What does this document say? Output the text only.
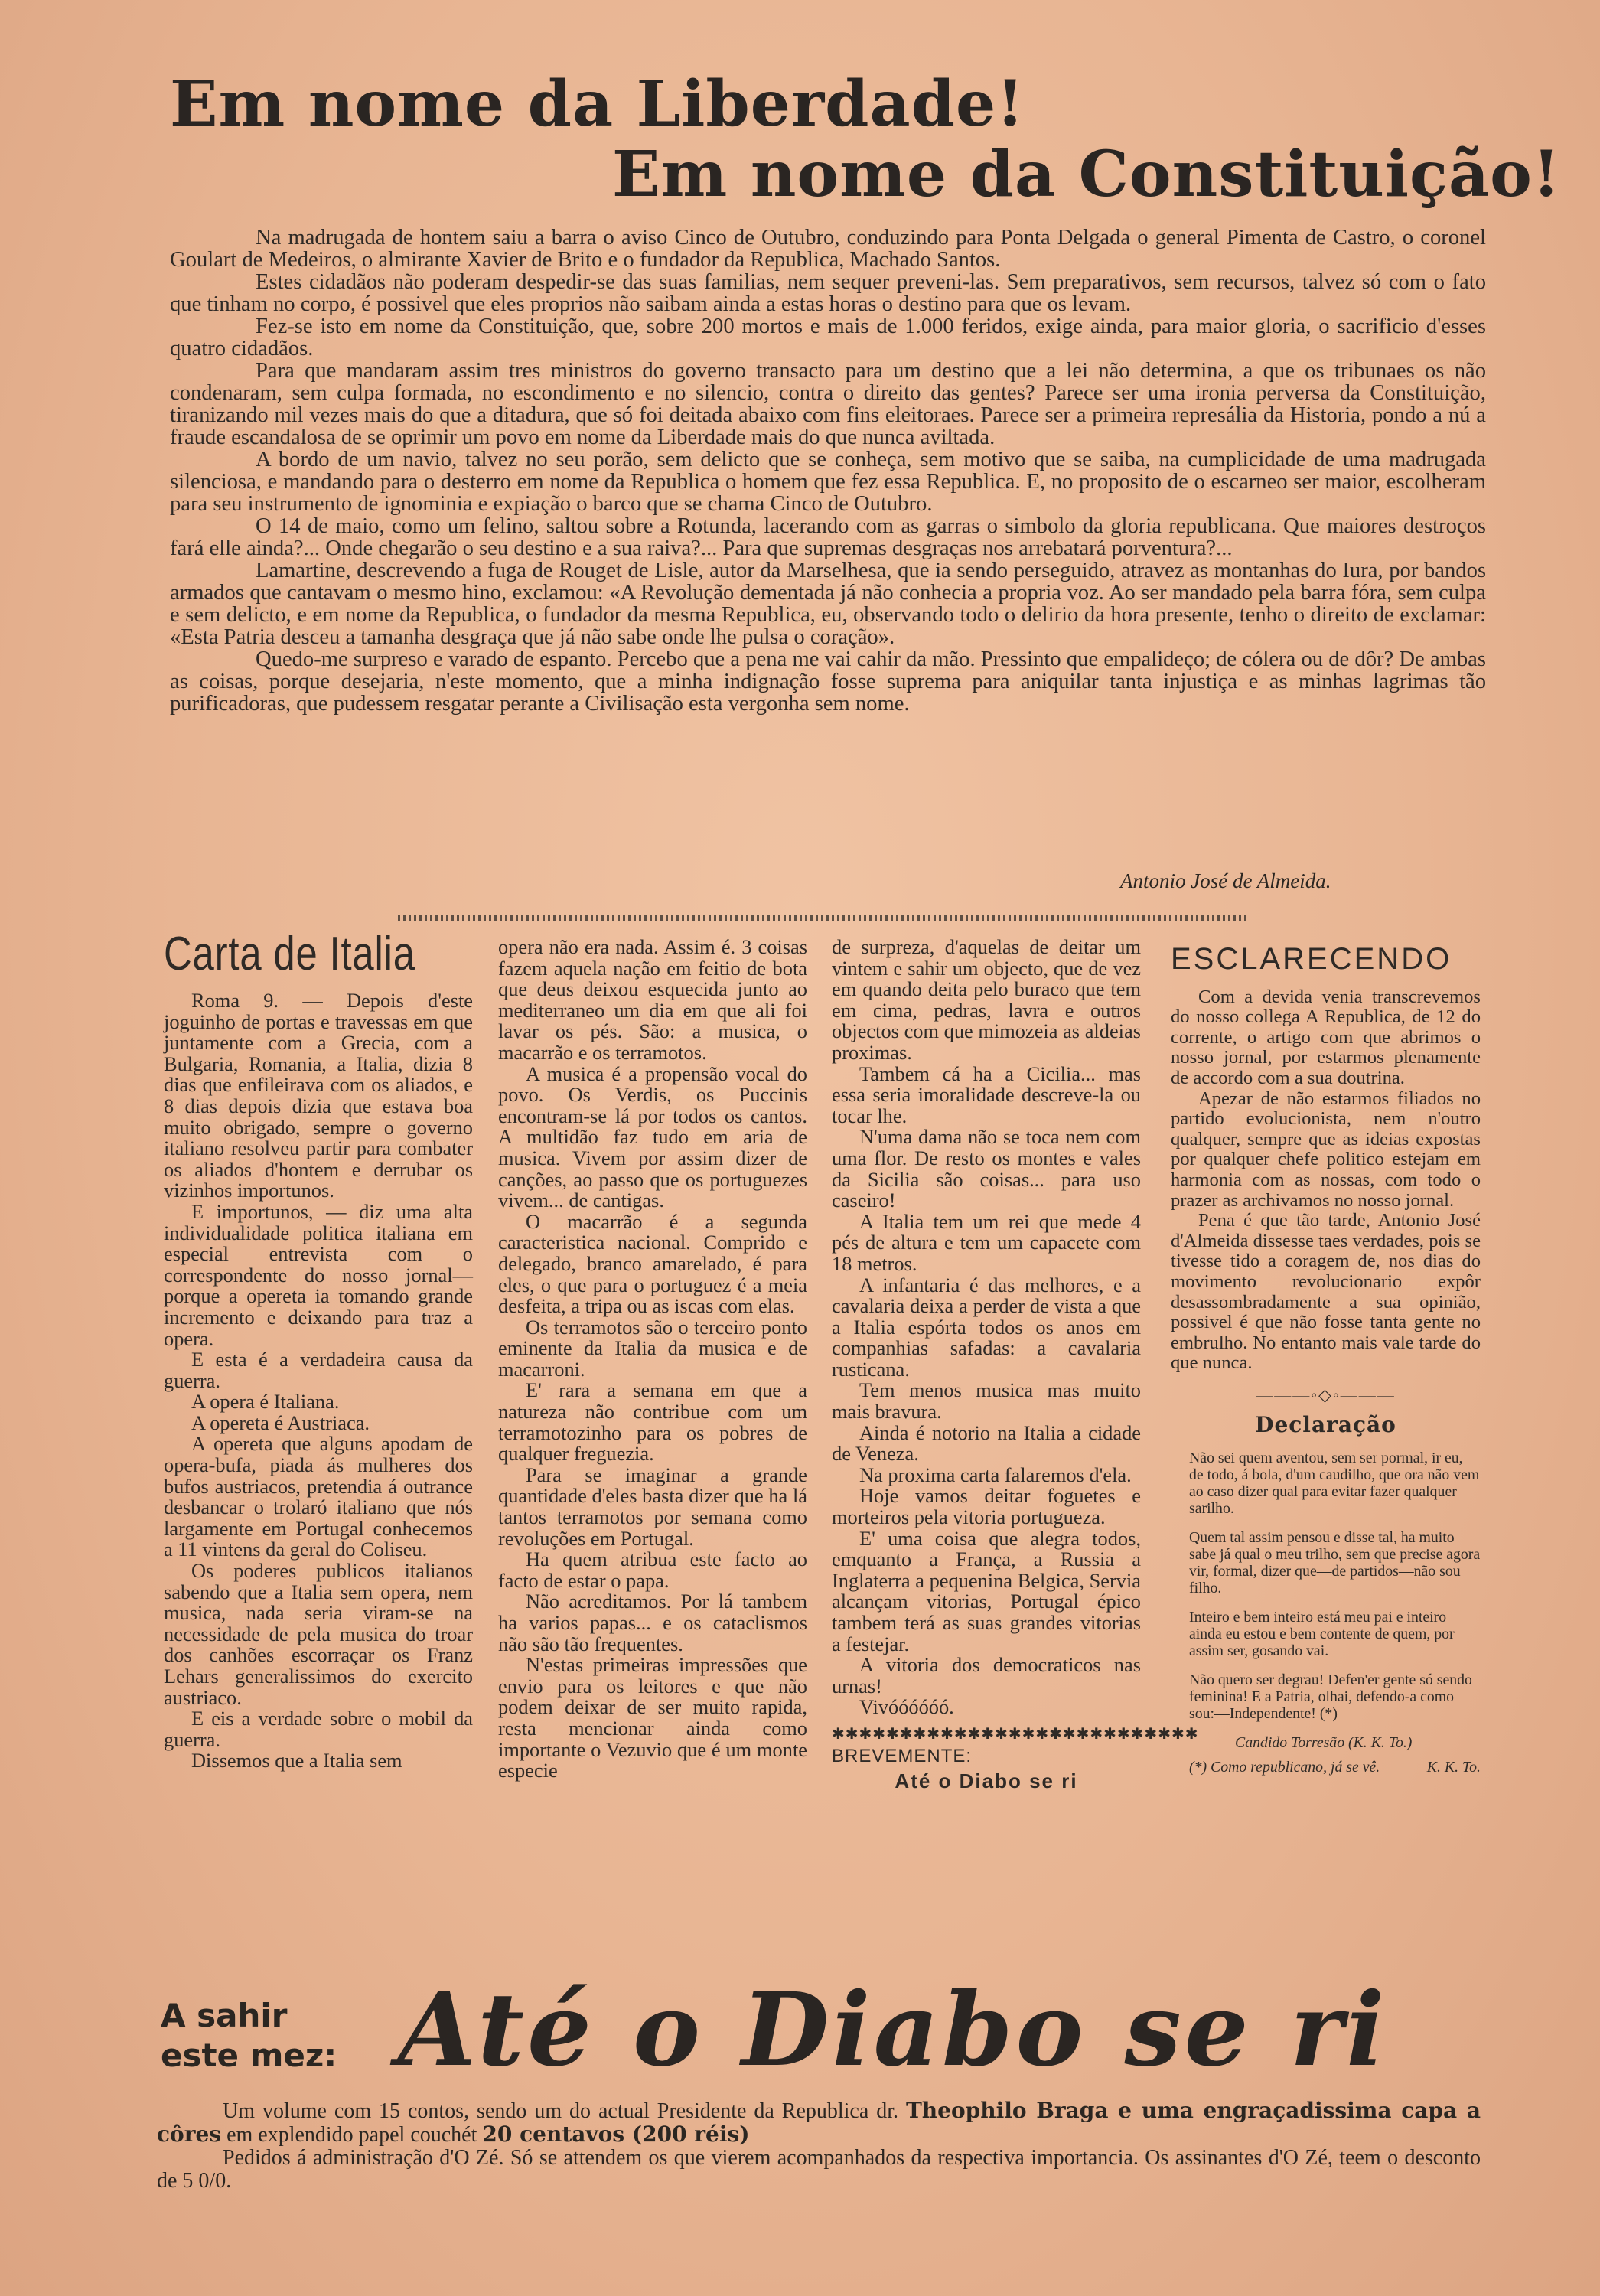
Em nome da Liberdade!
Em nome da Constituição!

Na madrugada de hontem saiu a barra o aviso Cinco de Outubro, conduzindo para Ponta Delgada o general Pimenta de Castro, o coronel Goulart de Medeiros, o almirante Xavier de Brito e o fundador da Republica, Machado Santos.

Estes cidadãos não poderam despedir-se das suas familias, nem sequer preveni-las. Sem preparativos, sem recursos, talvez só com o fato que tinham no corpo, é possivel que eles proprios não saibam ainda a estas horas o destino para que os levam.

Fez-se isto em nome da Constituição, que, sobre 200 mortos e mais de 1.000 feridos, exige ainda, para maior gloria, o sacrificio d'esses quatro cidadãos.

Para que mandaram assim tres ministros do governo transacto para um destino que a lei não determina, a que os tribunaes os não condenaram, sem culpa formada, no escondimento e no silencio, contra o direito das gentes? Parece ser uma ironia perversa da Constituição, tiranizando mil vezes mais do que a ditadura, que só foi deitada abaixo com fins eleitoraes. Parece ser a primeira represália da Historia, pondo a nú a fraude escandalosa de se oprimir um povo em nome da Liberdade mais do que nunca aviltada.

A bordo de um navio, talvez no seu porão, sem delicto que se conheça, sem motivo que se saiba, na cumplicidade de uma madrugada silenciosa, e mandando para o desterro em nome da Republica o homem que fez essa Republica. E, no proposito de o escarneo ser maior, escolheram para seu instrumento de ignominia e expiação o barco que se chama Cinco de Outubro.

O 14 de maio, como um felino, saltou sobre a Rotunda, lacerando com as garras o simbolo da gloria republicana. Que maiores destroços fará elle ainda?... Onde chegarão o seu destino e a sua raiva?... Para que supremas desgraças nos arrebatará porventura?...

Lamartine, descrevendo a fuga de Rouget de Lisle, autor da Marselhesa, que ia sendo perseguido, atravez as montanhas do Iura, por bandos armados que cantavam o mesmo hino, exclamou: «A Revolução dementada já não conhecia a propria voz. Ao ser mandado pela barra fóra, sem culpa e sem delicto, e em nome da Republica, o fundador da mesma Republica, eu, observando todo o delirio da hora presente, tenho o direito de exclamar: «Esta Patria desceu a tamanha desgraça que já não sabe onde lhe pulsa o coração».

Quedo-me surpreso e varado de espanto. Percebo que a pena me vai cahir da mão. Pressinto que empalideço; de cólera ou de dôr? De ambas as coisas, porque desejaria, n'este momento, que a minha indignação fosse suprema para aniquilar tanta injustiça e as minhas lagrimas tão purificadoras, que pudessem resgatar perante a Civilisação esta vergonha sem nome.

Antonio José de Almeida.
Carta de Italia

Roma 9. — Depois d'este joguinho de portas e travessas em que juntamente com a Grecia, com a Bulgaria, Romania, a Italia, dizia 8 dias que enfileirava com os aliados, e 8 dias depois dizia que estava boa muito obrigado, sempre o governo italiano resolveu partir para combater os aliados d'hontem e derrubar os vizinhos importunos.

E importunos, — diz uma alta individualidade politica italiana em especial entrevista com o correspondente do nosso jornal—porque a opereta ia tomando grande incremento e deixando para traz a opera.

E esta é a verdadeira causa da guerra.

A opera é Italiana.

A opereta é Austriaca.

A opereta que alguns apodam de opera-bufa, piada ás mulheres dos bufos austriacos, pretendia á outrance desbancar o trolaró italiano que nós largamente em Portugal conhecemos a 11 vintens da geral do Coliseu.

Os poderes publicos italianos sabendo que a Italia sem opera, nem musica, nada seria viram-se na necessidade de pela musica do troar dos canhões escorraçar os Franz Lehars generalissimos do exercito austriaco.

E eis a verdade sobre o mobil da guerra.

Dissemos que a Italia sem

opera não era nada. Assim é. 3 coisas fazem aquela nação em feitio de bota que deus deixou esquecida junto ao mediterraneo um dia em que ali foi lavar os pés. São: a musica, o macarrão e os terramotos.

A musica é a propensão vocal do povo. Os Verdis, os Puccinis encontram-se lá por todos os cantos. A multidão faz tudo em aria de musica. Vivem por assim dizer de canções, ao passo que os portuguezes vivem... de cantigas.

O macarrão é a segunda caracteristica nacional. Comprido e delegado, branco amarelado, é para eles, o que para o portuguez é a meia desfeita, a tripa ou as iscas com elas.

Os terramotos são o terceiro ponto eminente da Italia da musica e de macarroni.

E' rara a semana em que a natureza não contribue com um terramotozinho para os pobres de qualquer freguezia.

Para se imaginar a grande quantidade d'eles basta dizer que ha lá tantos terramotos por semana como revoluções em Portugal.

Ha quem atribua este facto ao facto de estar o papa.

Não acreditamos. Por lá tambem ha varios papas... e os cataclismos não são tão frequentes.

N'estas primeiras impressões que envio para os leitores e que não podem deixar de ser muito rapida, resta mencionar ainda como importante o Vezuvio que é um monte especie

de surpreza, d'aquelas de deitar um vintem e sahir um objecto, que de vez em quando deita pelo buraco que tem em cima, pedras, lavra e outros objectos com que mimozeia as aldeias proximas.

Tambem cá ha a Cicilia... mas essa seria imoralidade descreve-la ou tocar lhe.

N'uma dama não se toca nem com uma flor. De resto os montes e vales da Sicilia são coisas... para uso caseiro!

A Italia tem um rei que mede 4 pés de altura e tem um capacete com 18 metros.

A infantaria é das melhores, e a cavalaria deixa a perder de vista a que a Italia espórta todos os anos em companhias safadas: a cavalaria rusticana.

Tem menos musica mas muito mais bravura.

Ainda é notorio na Italia a cidade de Veneza.

Na proxima carta falaremos d'ela.

Hoje vamos deitar foguetes e morteiros pela vitoria portugueza.

E' uma coisa que alegra todos, emquanto a França, a Russia a Inglaterra a pequenina Belgica, Servia alcançam vitorias, Portugal épico tambem terá as suas grandes vitorias a festejar.

A vitoria dos democraticos nas urnas!

Vivóóóóóó.

✱✱✱✱✱✱✱✱✱✱✱✱✱✱✱✱✱✱✱✱✱✱✱✱✱✱✱
BREVEMENTE:
Até o Diabo se ri
ESCLARECENDO

Com a devida venia transcrevemos do nosso collega A Republica, de 12 do corrente, o artigo com que abrimos o nosso jornal, por estarmos plenamente de accordo com a sua doutrina.

Apezar de não estarmos filiados no partido evolucionista, nem n'outro qualquer, sempre que as ideias expostas por qualquer chefe politico estejam em harmonia com as nossas, com todo o prazer as archivamos no nosso jornal.

Pena é que tão tarde, Antonio José d'Almeida dissesse taes verdades, pois se tivesse tido a coragem de, nos dias do movimento revolucionario expôr desassombradamente a sua opinião, possivel é que não fosse tanta gente no embrulho. No entanto mais vale tarde do que nunca.

———◦◇◦———
Declaração

Não sei quem aventou, sem ser pormal, ir eu, de todo, á bola, d'um caudilho, que ora não vem ao caso dizer qual para evitar fazer qualquer sarilho.

Quem tal assim pensou e disse tal, ha muito sabe já qual o meu trilho, sem que precise agora vir, formal, dizer que—de partidos—não sou filho.

Inteiro e bem inteiro está meu pai e inteiro ainda eu estou e bem contente de quem, por assim ser, gosando vai.

Não quero ser degrau! Defen'er gente só sendo feminina! E a Patria, olhai, defendo-a como sou:—Independente! (*)

Candido Torresão (K. K. To.)

(*) Como republicano, já se vê.	K. K. To.
A sahir
este mez: Até o Diabo se ri

Um volume com 15 contos, sendo um do actual Presidente da Republica dr. Theophilo Braga e uma engraçadissima capa a côres em explendido papel couchét 20 centavos (200 réis)

Pedidos á administração d'O Zé. Só se attendem os que vierem acompanhados da respectiva importancia. Os assinantes d'O Zé, teem o desconto de 5 0/0.
